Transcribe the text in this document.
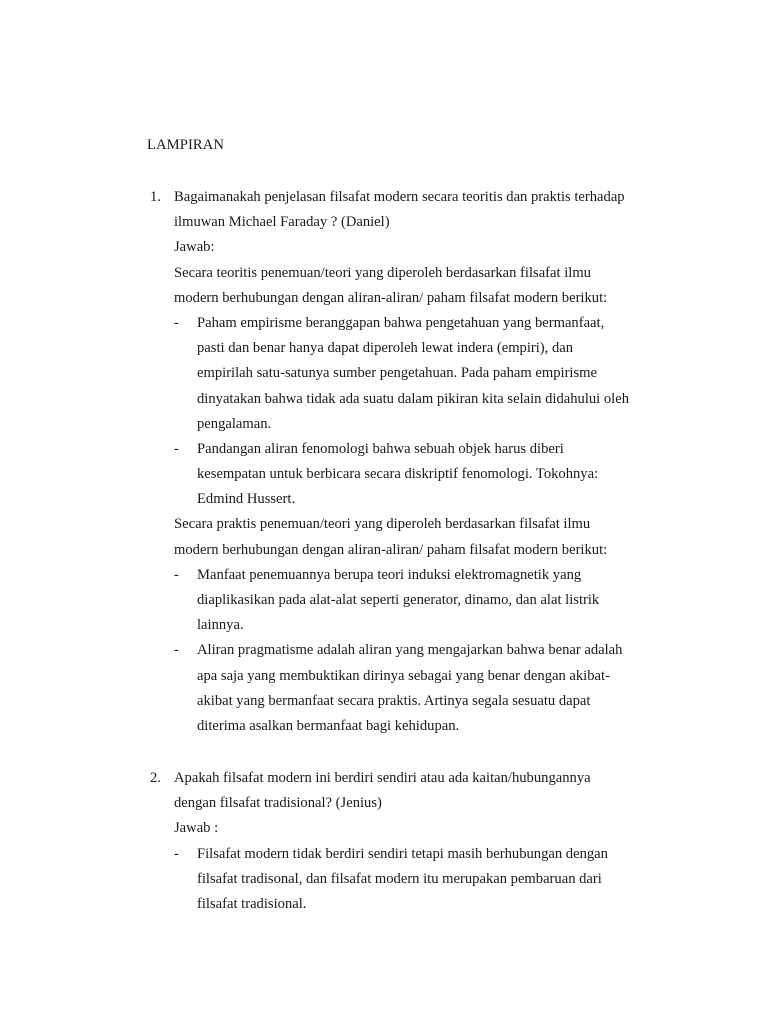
LAMPIRAN
1. Bagaimanakah penjelasan filsafat modern secara teoritis dan praktis terhadap
ilmuwan Michael Faraday ? (Daniel)
Jawab:
Secara teoritis penemuan/teori yang diperoleh berdasarkan filsafat ilmu
modern berhubungan dengan aliran-aliran/ paham filsafat modern berikut:
- Paham empirisme beranggapan bahwa pengetahuan yang bermanfaat,
pasti dan benar hanya dapat diperoleh lewat indera (empiri), dan
empirilah satu-satunya sumber pengetahuan. Pada paham empirisme
dinyatakan bahwa tidak ada suatu dalam pikiran kita selain didahului oleh
pengalaman.
- Pandangan aliran fenomologi bahwa sebuah objek harus diberi
kesempatan untuk berbicara secara diskriptif fenomologi. Tokohnya:
Edmind Hussert.
Secara praktis penemuan/teori yang diperoleh berdasarkan filsafat ilmu
modern berhubungan dengan aliran-aliran/ paham filsafat modern berikut:
- Manfaat penemuannya berupa teori induksi elektromagnetik yang
diaplikasikan pada alat-alat seperti generator, dinamo, dan alat listrik
lainnya.
- Aliran pragmatisme adalah aliran yang mengajarkan bahwa benar adalah
apa saja yang membuktikan dirinya sebagai yang benar dengan akibat-
akibat yang bermanfaat secara praktis. Artinya segala sesuatu dapat
diterima asalkan bermanfaat bagi kehidupan.
2. Apakah filsafat modern ini berdiri sendiri atau ada kaitan/hubungannya
dengan filsafat tradisional? (Jenius)
Jawab :
- Filsafat modern tidak berdiri sendiri tetapi masih berhubungan dengan
filsafat tradisonal, dan filsafat modern itu merupakan pembaruan dari
filsafat tradisional.
